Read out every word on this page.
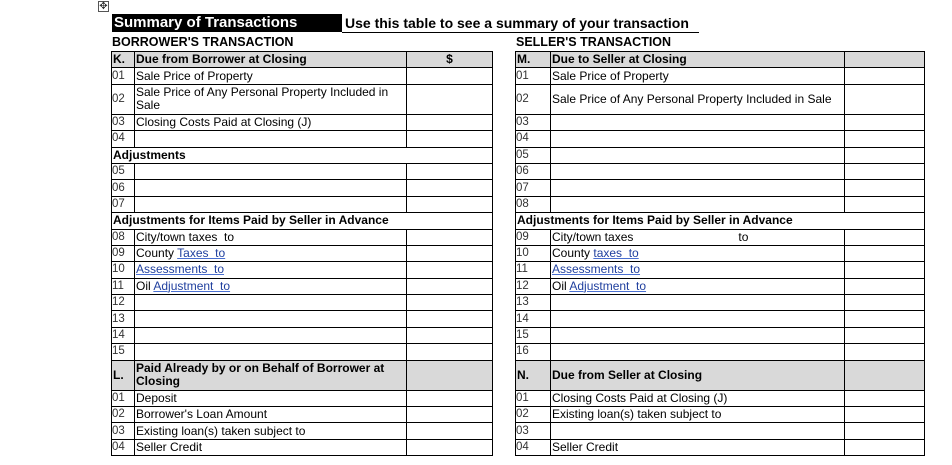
✥
Summary of Transactions	Use this table to see a summary of your transaction
BORROWER'S TRANSACTION	SELLER'S TRANSACTION
K.	Due from Borrower at Closing	$
01	Sale Price of Property	
02	Sale Price of Any Personal Property Included in Sale	
03	Closing Costs Paid at Closing (J)	
04		
Adjustments		
05		
06		
07		
Adjustments for Items Paid by Seller in Advance		
08	City/town taxes  to	
09	County Taxes  to	
10	Assessments  to	
11	Oil Adjustment  to	
12		
13		
14		
15		
L.	Paid Already by or on Behalf of Borrower at Closing	
01	Deposit	
02	Borrower's Loan Amount	
03	Existing loan(s) taken subject to	
04	Seller Credit	
M.	Due to Seller at Closing	
01	Sale Price of Property	
02	Sale Price of Any Personal Property Included in Sale	
03		
04		
05		
06		
07		
08		
Adjustments for Items Paid by Seller in Advance		
09	City/town taxes to	
10	County taxes  to	
11	Assessments  to	
12	Oil Adjustment  to	
13		
14		
15		
16		
N.	Due from Seller at Closing	
01	Closing Costs Paid at Closing (J)	
02	Existing loan(s) taken subject to	
03		
04	Seller Credit	
